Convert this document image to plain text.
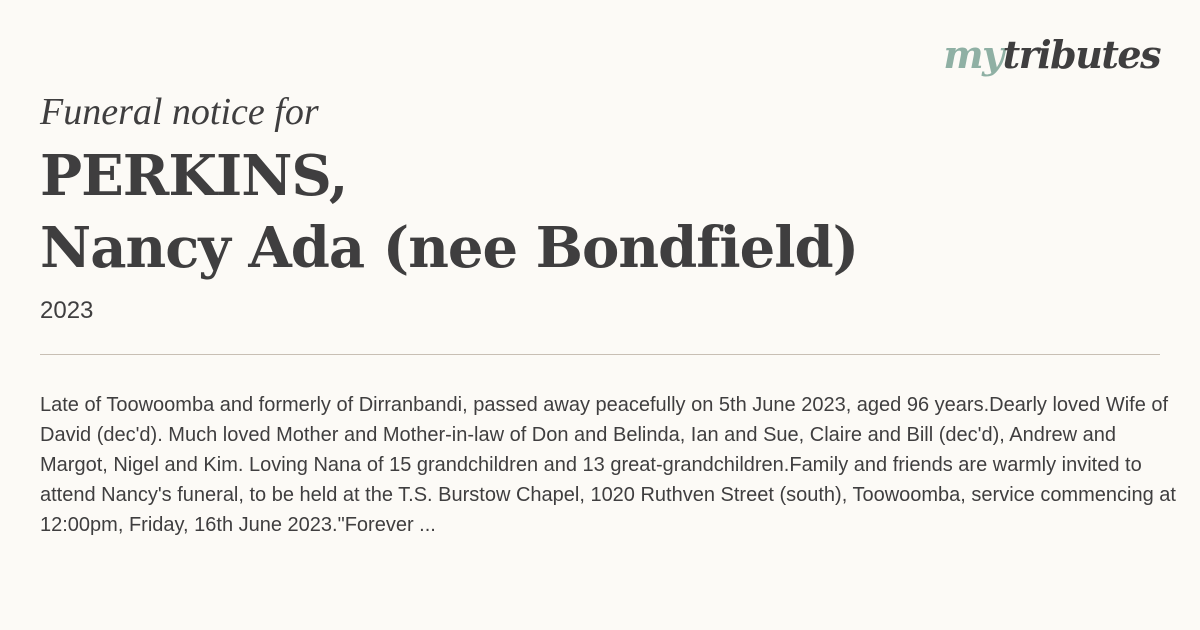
mytributes

Funeral notice for

PERKINS,
Nancy Ada (nee Bondfield)

2023

Late of Toowoomba and formerly of Dirranbandi, passed away peacefully on 5th June 2023, aged 96 years.Dearly loved Wife of David (dec'd). Much loved Mother and Mother-in-law of Don and Belinda, Ian and Sue, Claire and Bill (dec'd), Andrew and Margot, Nigel and Kim. Loving Nana of 15 grandchildren and 13 great-grandchildren.Family and friends are warmly invited to attend Nancy's funeral, to be held at the T.S. Burstow Chapel, 1020 Ruthven Street (south), Toowoomba, service commencing at 12:00pm, Friday, 16th June 2023."Forever ...
